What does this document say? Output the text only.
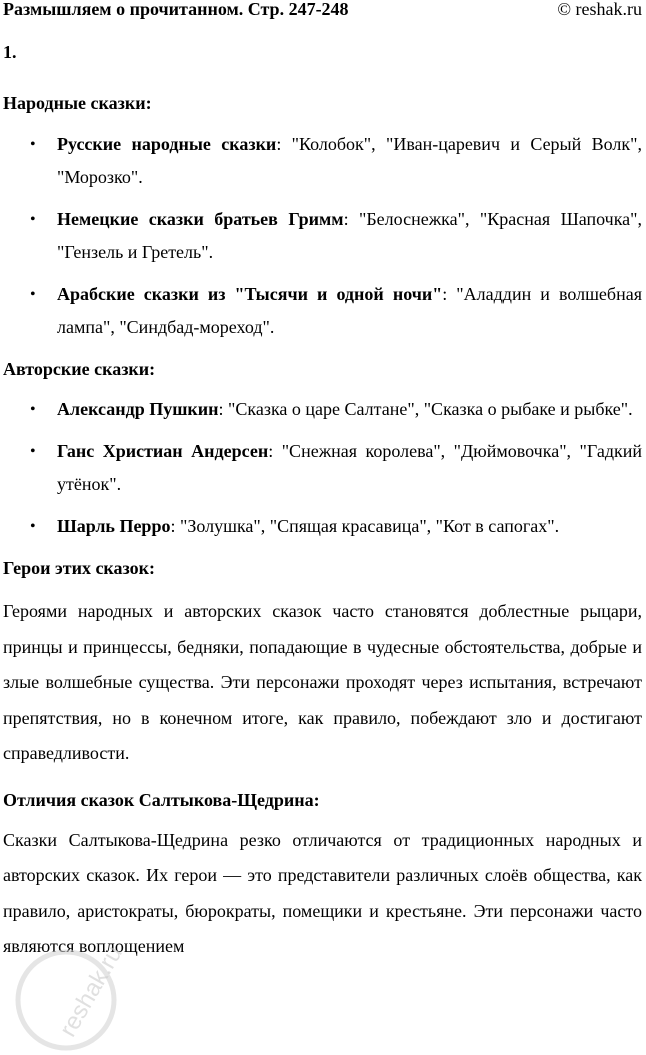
Размышляем о прочитанном. Стр. 247-248	© reshak.ru
1.
Народные сказки:
• Русские народные сказки: "Колобок", "Иван-царевич и Серый Волк", "Морозко".
• Немецкие сказки братьев Гримм: "Белоснежка", "Красная Шапочка", "Гензель и Гретель".
• Арабские сказки из "Тысячи и одной ночи": "Аладдин и волшебная лампа", "Синдбад-мореход".
Авторские сказки:
• Александр Пушкин: "Сказка о царе Салтане", "Сказка о рыбаке и рыбке".
• Ганс Христиан Андерсен: "Снежная королева", "Дюймовочка", "Гадкий утёнок".
• Шарль Перро: "Золушка", "Спящая красавица", "Кот в сапогах".
Герои этих сказок:

Героями народных и авторских сказок часто становятся доблестные рыцари, принцы и принцессы, бедняки, попадающие в чудесные обстоятельства, добрые и злые волшебные существа. Эти персонажи проходят через испытания, встречают препятствия, но в конечном итоге, как правило, побеждают зло и достигают справедливости.

Отличия сказок Салтыкова-Щедрина:

Сказки Салтыкова-Щедрина резко отличаются от традиционных народных и авторских сказок. Их герои — это представители различных слоёв общества, как правило, аристократы, бюрократы, помещики и крестьяне. Эти персонажи часто являются воплощением

reshak.ru
